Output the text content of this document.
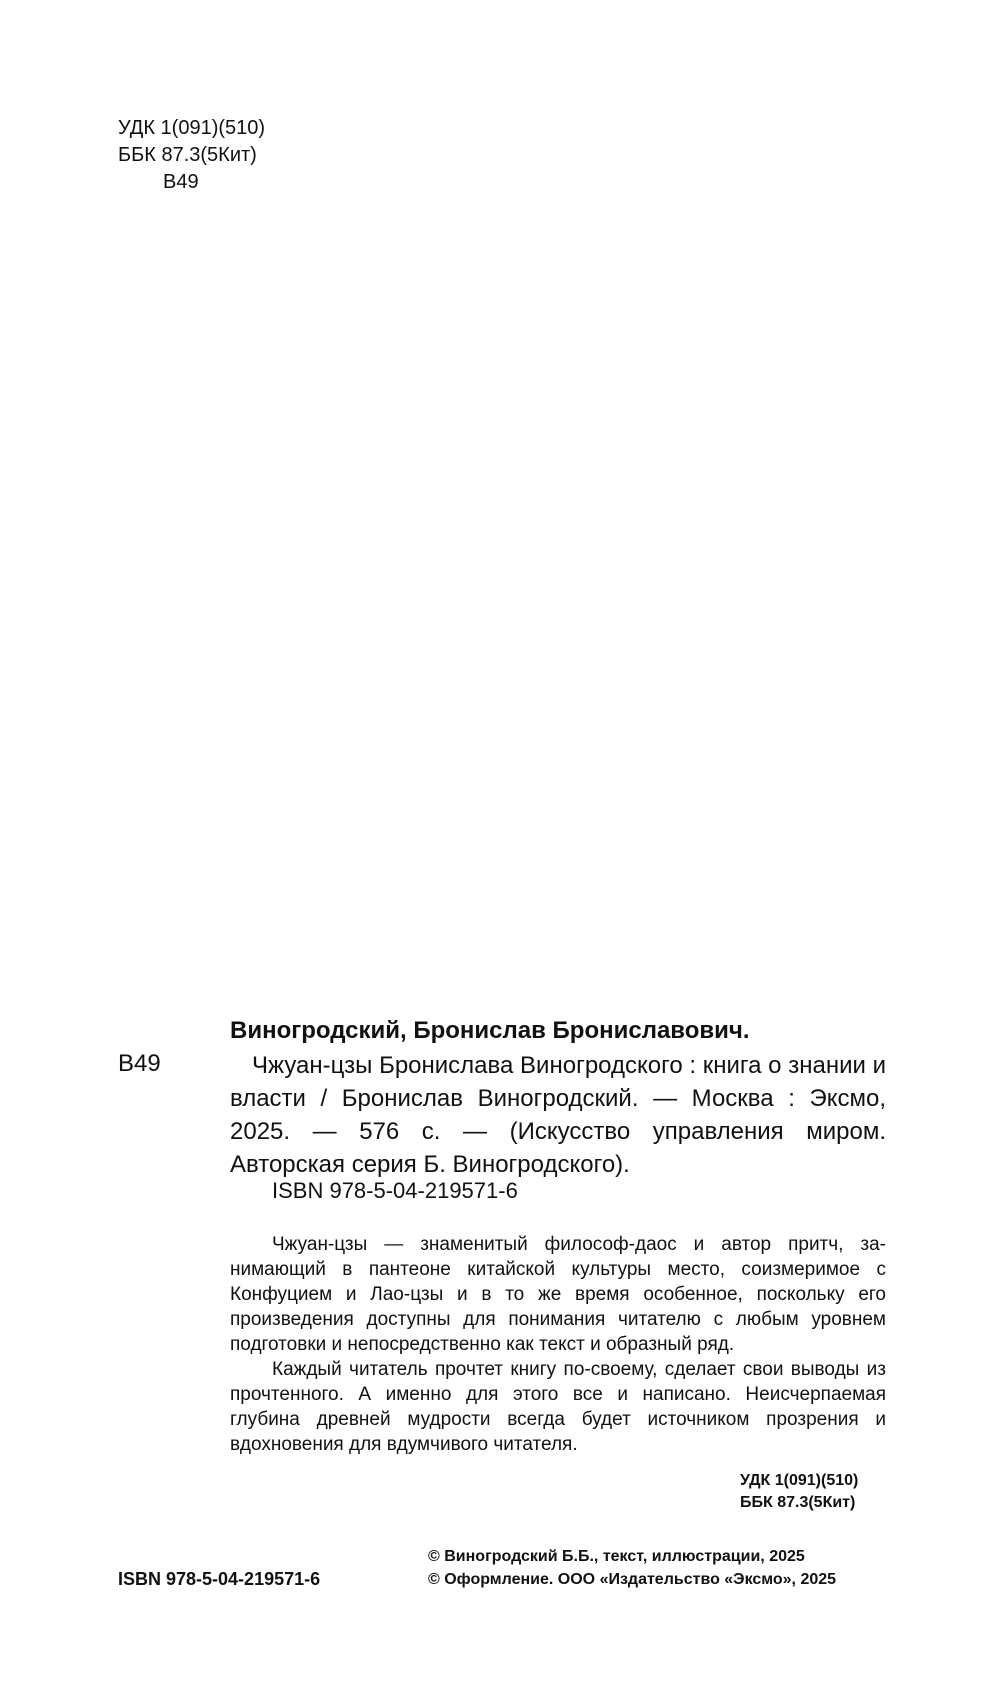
УДК 1(091)(510)
ББК 87.3(5Кит)
В49
Виногродский, Бронислав Брониславович.
В49	Чжуан-цзы Бронислава Виногродского : книга о знании и власти / Бронислав Виногродский. — Москва : Эксмо, 2025. — 576 с. — (Искусство управления миром. Авторская серия Б. Виногродского).

ISBN 978-5-04-219571-6

Чжуан-цзы — знаменитый философ-даос и автор притч, занимающий в пантеоне китайской культуры место, соизмеримое с Конфуцием и Лао-цзы и в то же время особенное, поскольку его произведения доступны для понимания читателю с любым уровнем подготовки и непосредственно как текст и образный ряд.

Каждый читатель прочтет книгу по-своему, сделает свои выводы из прочтенного. А именно для этого все и написано. Неисчерпаемая глубина древней мудрости всегда будет источником прозрения и вдохновения для вдумчивого читателя.

УДК 1(091)(510)
ББК 87.3(5Кит)
© Виногродский Б.Б., текст, иллюстрации, 2025
© Оформление. ООО «Издательство «Эксмо», 2025
ISBN 978-5-04-219571-6
